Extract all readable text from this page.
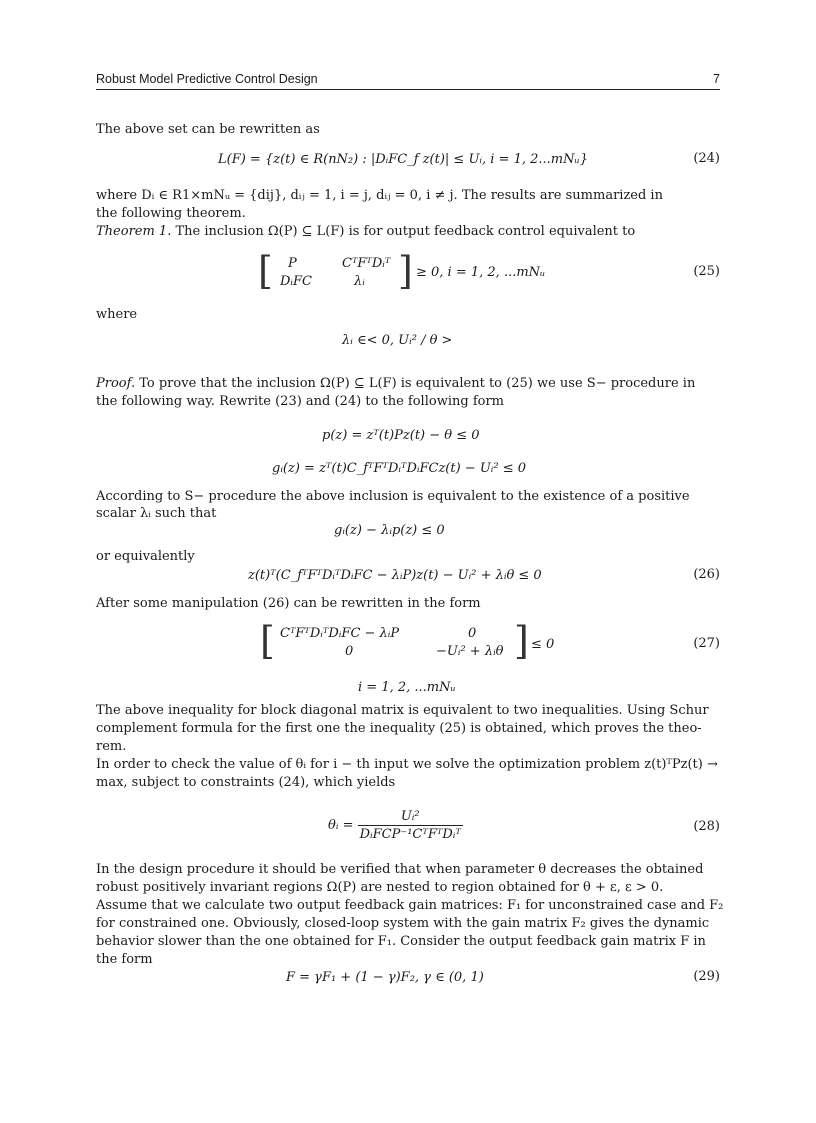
Robust Model Predictive Control Design	7
The above set can be rewritten as
L(F) = {z(t) ∈ R(nN₂) : |DᵢFC_f z(t)| ≤ Uᵢ, i = 1, 2...mNᵤ}	(24)
where Dᵢ ∈ R1×mNᵤ = {dij}, dᵢⱼ = 1, i = j, dᵢⱼ = 0, i ≠ j. The results are summarized in
the following theorem.
Theorem 1. The inclusion Ω(P) ⊆ L(F) is for output feedback control equivalent to
[ P	CᵀFᵀDᵢᵀ
DᵢFC	λᵢ ] ≥ 0, i = 1, 2, ...mNᵤ	(25)
where
λᵢ ∈< 0, Uᵢ² / θ >
Proof. To prove that the inclusion Ω(P) ⊆ L(F) is equivalent to (25) we use S− procedure in
the following way. Rewrite (23) and (24) to the following form
p(z) = zᵀ(t)Pz(t) − θ ≤ 0
gᵢ(z) = zᵀ(t)C_fᵀFᵀDᵢᵀDᵢFCz(t) − Uᵢ² ≤ 0
According to S− procedure the above inclusion is equivalent to the existence of a positive
scalar λᵢ such that
gᵢ(z) − λᵢp(z) ≤ 0
or equivalently
z(t)ᵀ(C_fᵀFᵀDᵢᵀDᵢFC − λᵢP)z(t) − Uᵢ² + λᵢθ ≤ 0	(26)
After some manipulation (26) can be rewritten in the form
[ CᵀFᵀDᵢᵀDᵢFC − λᵢP	0
0	−Uᵢ² + λᵢθ ] ≤ 0	(27)
i = 1, 2, ...mNᵤ
The above inequality for block diagonal matrix is equivalent to two inequalities. Using Schur
complement formula for the first one the inequality (25) is obtained, which proves the theo-
rem.
In order to check the value of θᵢ for i − th input we solve the optimization problem z(t)ᵀPz(t) →
max, subject to constraints (24), which yields
θᵢ = $\frac{\text{Uᵢ²}}{\text{DᵢFCP⁻¹CᵀFᵀDᵢᵀ}}$	(28)
In the design procedure it should be verified that when parameter θ decreases the obtained
robust positively invariant regions Ω(P) are nested to region obtained for θ + ε, ε > 0.
Assume that we calculate two output feedback gain matrices: F₁ for unconstrained case and F₂
for constrained one. Obviously, closed-loop system with the gain matrix F₂ gives the dynamic
behavior slower than the one obtained for F₁. Consider the output feedback gain matrix F in
the form
F = γF₁ + (1 − γ)F₂, γ ∈ (0, 1)	(29)
